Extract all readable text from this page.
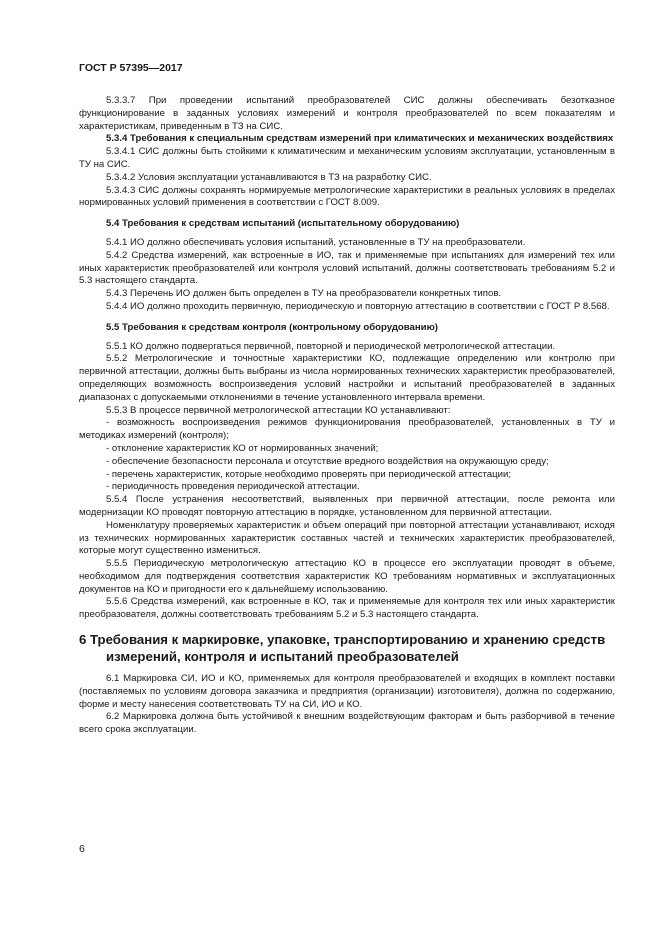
ГОСТ Р 57395—2017

5.3.3.7 При проведении испытаний преобразователей СИС должны обеспечивать безотказное функционирование в заданных условиях измерений и контроля преобразователей по всем показателям и характеристикам, приведенным в ТЗ на СИС.

5.3.4 Требования к специальным средствам измерений при климатических и механических воздействиях

5.3.4.1 СИС должны быть стойкими к климатическим и механическим условиям эксплуатации, установленным в ТУ на СИС.

5.3.4.2 Условия эксплуатации устанавливаются в ТЗ на разработку СИС.

5.3.4.3 СИС должны сохранять нормируемые метрологические характеристики в реальных условиях в пределах нормированных условий применения в соответствии с ГОСТ 8.009.

5.4 Требования к средствам испытаний (испытательному оборудованию)

5.4.1 ИО должно обеспечивать условия испытаний, установленные в ТУ на преобразователи.

5.4.2 Средства измерений, как встроенные в ИО, так и применяемые при испытаниях для измерений тех или иных характеристик преобразователей или контроля условий испытаний, должны соответствовать требованиям 5.2 и 5.3 настоящего стандарта.

5.4.3 Перечень ИО должен быть определен в ТУ на преобразователи конкретных типов.

5.4.4 ИО должно проходить первичную, периодическую и повторную аттестацию в соответствии с ГОСТ Р 8.568.

5.5 Требования к средствам контроля (контрольному оборудованию)

5.5.1 КО должно подвергаться первичной, повторной и периодической метрологической аттестации.

5.5.2 Метрологические и точностные характеристики КО, подлежащие определению или контролю при первичной аттестации, должны быть выбраны из числа нормированных технических характеристик преобразователей, определяющих возможность воспроизведения условий настройки и испытаний преобразователей в заданных диапазонах с допускаемыми отклонениями в течение установленного интервала времени.

5.5.3 В процессе первичной метрологической аттестации КО устанавливают:

- возможность воспроизведения режимов функционирования преобразователей, установленных в ТУ и методиках измерений (контроля);

- отклонение характеристик КО от нормированных значений;

- обеспечение безопасности персонала и отсутствие вредного воздействия на окружающую среду;

- перечень характеристик, которые необходимо проверять при периодической аттестации;

- периодичность проведения периодической аттестации.

5.5.4 После устранения несоответствий, выявленных при первичной аттестации, после ремонта или модернизации КО проводят повторную аттестацию в порядке, установленном для первичной аттестации.

Номенклатуру проверяемых характеристик и объем операций при повторной аттестации устанавливают, исходя из технических нормированных характеристик составных частей и технических характеристик преобразователей, которые могут существенно измениться.

5.5.5 Периодическую метрологическую аттестацию КО в процессе его эксплуатации проводят в объеме, необходимом для подтверждения соответствия характеристик КО требованиям нормативных и эксплуатационных документов на КО и пригодности его к дальнейшему использованию.

5.5.6 Средства измерений, как встроенные в КО, так и применяемые для контроля тех или иных характеристик преобразователя, должны соответствовать требованиям 5.2 и 5.3 настоящего стандарта.

6 Требования к маркировке, упаковке, транспортированию и хранению средств измерений, контроля и испытаний преобразователей

6.1 Маркировка СИ, ИО и КО, применяемых для контроля преобразователей и входящих в комплект поставки (поставляемых по условиям договора заказчика и предприятия (организации) изготовителя), должна по содержанию, форме и месту нанесения соответствовать ТУ на СИ, ИО и КО.

6.2 Маркировка должна быть устойчивой к внешним воздействующим факторам и быть разборчивой в течение всего срока эксплуатации.

6
